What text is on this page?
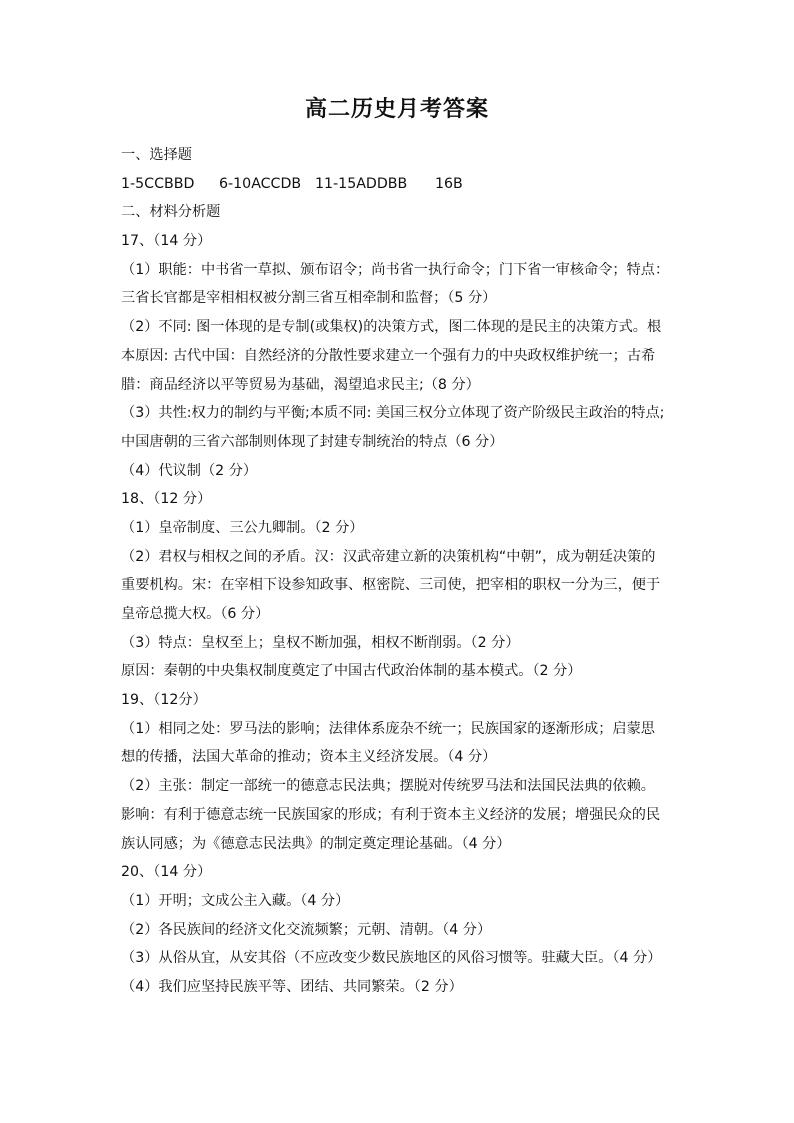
高二历史月考答案
一、选择题
1-5CCBBD	6-10ACCDB 11-15ADDBB	16B
二、材料分析题
17、（14 分）
（1）职能：中书省一草拟、颁布诏令；尚书省一执行命令；门下省一审核命令；特点：
三省长官都是宰相相权被分割三省互相牵制和监督；（5 分）
（2）不同: 图一体现的是专制(或集权)的决策方式，图二体现的是民主的决策方式。根
本原因: 古代中国：自然经济的分散性要求建立一个强有力的中央政权维护统一；古希
腊：商品经济以平等贸易为基础，渴望追求民主;（8 分）
（3）共性:权力的制约与平衡;本质不同: 美国三权分立体现了资产阶级民主政治的特点;
中国唐朝的三省六部制则体现了封建专制统治的特点（6 分）
（4）代议制（2 分）
18、（12 分）
（1）皇帝制度、三公九卿制。（2 分）
（2）君权与相权之间的矛盾。汉：汉武帝建立新的决策机构“中朝”，成为朝廷决策的
重要机构。宋：在宰相下设参知政事、枢密院、三司使，把宰相的职权一分为三，便于
皇帝总揽大权。（6 分）
（3）特点：皇权至上；皇权不断加强，相权不断削弱。（2 分）
原因：秦朝的中央集权制度奠定了中国古代政治体制的基本模式。（2 分）
19、（12分）
（1）相同之处：罗马法的影响；法律体系庞杂不统一；民族国家的逐渐形成；启蒙思
想的传播，法国大革命的推动；资本主义经济发展。（4 分）
（2）主张：制定一部统一的德意志民法典；摆脱对传统罗马法和法国民法典的依赖。
影响：有利于德意志统一民族国家的形成；有利于资本主义经济的发展；增强民众的民
族认同感；为《德意志民法典》的制定奠定理论基础。（4 分）
20、（14 分）
（1）开明；文成公主入藏。（4 分）
（2）各民族间的经济文化交流频繁；元朝、清朝。（4 分）
（3）从俗从宜，从安其俗（不应改变少数民族地区的风俗习惯等。驻藏大臣。（4 分）
（4）我们应坚持民族平等、团结、共同繁荣。（2 分）
